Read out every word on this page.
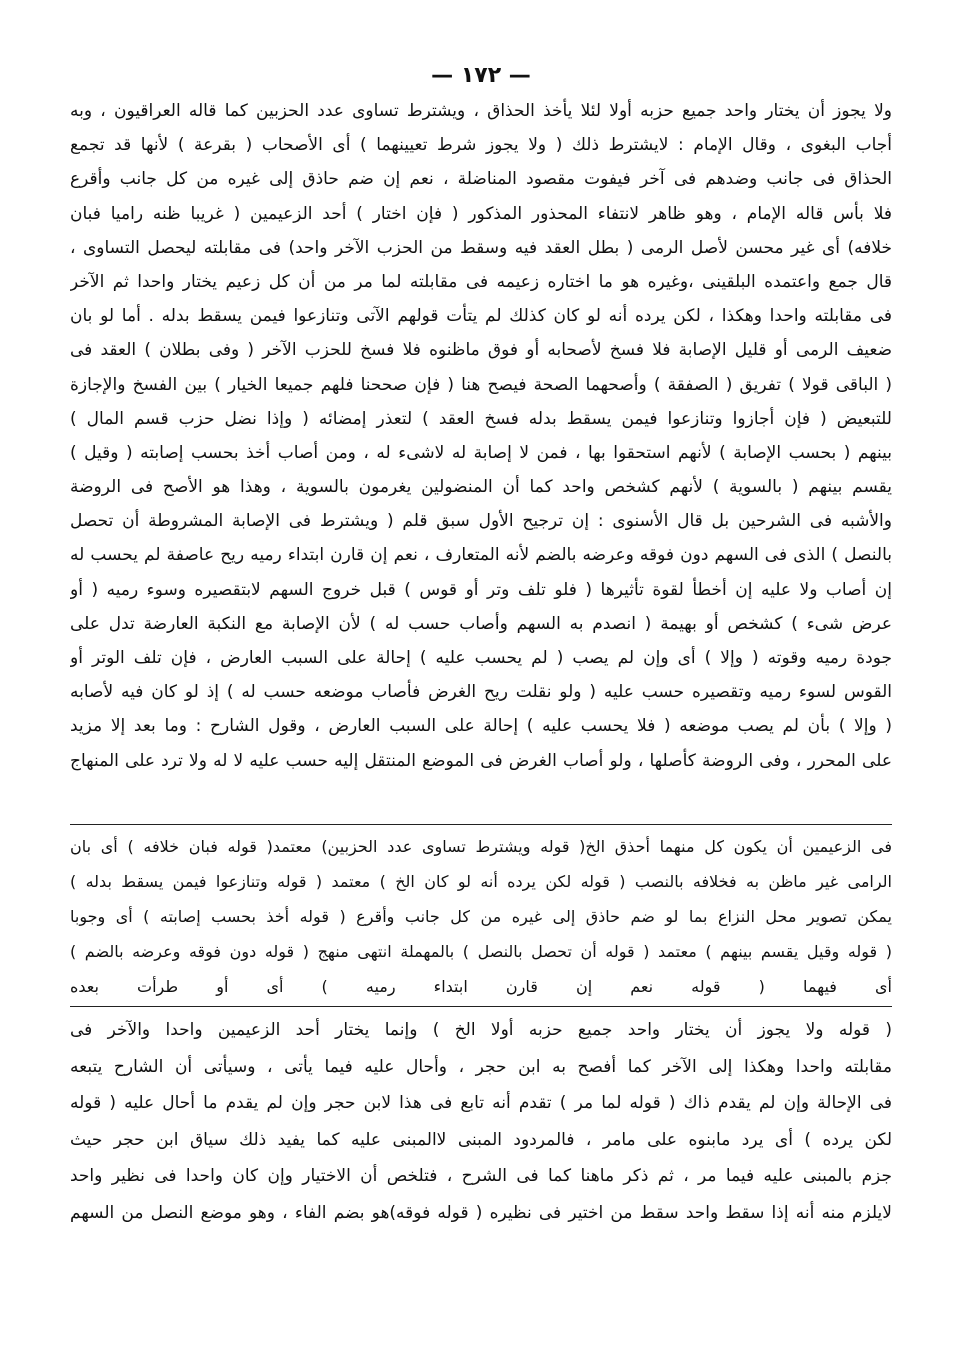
— ١٧٢ —

ولا يجوز أن يختار واحد جميع حزبه أولا لئلا يأخذ الحذاق ، ويشترط تساوى عدد الحزبين كما قاله العراقيون ، وبه

أجاب البغوى ، وقال الإمام : لايشترط ذلك ( ولا يجوز شرط تعيينهما ) أى الأصحاب ( بقرعة ) لأنها قد تجمع

الحذاق فى جانب وضدهم فى آخر فيفوت مقصود المناضلة ، نعم إن ضم حاذق إلى غيره من كل جانب وأقرع

فلا بأس قاله الإمام ، وهو ظاهر لانتفاء المحذور المذكور ( فإن اختار ) أحد الزعيمين ( غريبا ظنه راميا فبان

خلافه) أى غير محسن لأصل الرمى ( بطل العقد فيه وسقط من الحزب الآخر واحد) فى مقابلته ليحصل التساوى ،

قال جمع واعتمده البلقينى ،وغيره هو ما اختاره زعيمه فى مقابلته لما مر من أن كل زعيم يختار واحدا ثم الآخر

فى مقابلته واحدا وهكذا ، لكن يرده أنه لو كان كذلك لم يتأت قولهم الآتى وتنازعوا فيمن يسقط بدله . أما لو بان

ضعيف الرمى أو قليل الإصابة فلا فسخ لأصحابه أو فوق ماظنوه فلا فسخ للحزب الآخر ( وفى بطلان ) العقد فى

( الباقى قولا ) تفريق ( الصفقة ) وأصحهما الصحة فيصح هنا ( فإن صححنا فلهم جميعا الخيار ) بين الفسخ والإجازة

للتبعيض ( فإن أجازوا وتنازعوا فيمن يسقط بدله فسخ العقد ) لتعذر إمضائه ( وإذا نضل حزب قسم المال )

بينهم ( بحسب الإصابة ) لأنهم استحقوا بها ، فمن لا إصابة له لاشىء له ، ومن أصاب أخذ بحسب إصابته ( وقيل )

يقسم بينهم ( بالسوية ) لأنهم كشخص واحد كما أن المنضولين يغرمون بالسوية ، وهذا هو الأصح فى الروضة

والأشبه فى الشرحين بل قال الأسنوى : إن ترجيح الأول سبق قلم ( ويشترط فى الإصابة المشروطة أن تحصل

بالنصل ) الذى فى السهم دون فوقه وعرضه بالضم لأنه المتعارف ، نعم إن قارن ابتداء رميه ريح عاصفة لم يحسب له

إن أصاب ولا عليه إن أخطأ لقوة تأثيرها ( فلو تلف وتر أو قوس ) قبل خروج السهم لابتقصيره وسوء رميه ( أو

عرض شىء ) كشخص أو بهيمة ( انصدم به السهم وأصاب حسب له ) لأن الإصابة مع النكبة العارضة تدل على

جودة رميه وقوته ( وإلا ) أى وإن لم يصب ( لم يحسب عليه ) إحالة على السبب العارض ، فإن تلف الوتر أو

القوس لسوء رميه وتقصيره حسب عليه ( ولو نقلت ريح الغرض فأصاب موضعه حسب له ) إذ لو كان فيه لأصابه

( وإلا ) بأن لم يصب موضعه ( فلا يحسب عليه ) إحالة على السبب العارض ، وقول الشارح : وما بعد إلا مزيد

على المحرر ، وفى الروضة كأصلها ، ولو أصاب الغرض فى الموضع المنتقل إليه حسب عليه لا له ولا ترد على المنهاج

فى الزعيمين أن يكون كل منهما أحذق الخ( قوله ويشترط تساوى عدد الحزبين) معتمد( قوله فبان خلافه ) أى بان

الرامى غير ماظن به فخلافه بالنصب ( قوله لكن يرده أنه لو كان الخ ) معتمد ( قوله وتنازعوا فيمن يسقط بدله )

يمكن تصوير محل النزاع بما لو ضم حاذق إلى غيره من كل جانب وأقرع ( قوله أخذ بحسب إصابته ) أى وجوبا

( قوله وقيل يقسم بينهم ) معتمد ( قوله أن تحصل بالنصل ) بالمهملة انتهى منهج ( قوله دون فوقه وعرضه بالضم )

أى فيهما ( قوله نعم إن قارن ابتداء رميه ) أى أو طرأت بعده

( قوله ولا يجوز أن يختار واحد جميع حزبه أولا الخ ) وإنما يختار أحد الزعيمين واحدا والآخر فى

مقابلته واحدا وهكذا إلى الآخر كما أفصح به ابن حجر ، وأحال عليه فيما يأتى ، وسيأتى أن الشارح يتبعه

فى الإحالة وإن لم يقدم ذاك ( قوله لما مر ) تقدم أنه تابع فى هذا لابن حجر وإن لم يقدم ما أحال عليه ( قوله

لكن يرده ) أى يرد مابنوه على مامر ، فالمردود المبنى لاالمبنى عليه كما يفيد ذلك سياق ابن حجر حيث

جزم بالمبنى عليه فيما مر ، ثم ذكر ماهنا كما فى الشرح ، فتلخص أن الاختيار وإن كان واحدا فى نظير واحد

لايلزم منه أنه إذا سقط واحد سقط من اختير فى نظيره ( قوله فوقه)هو بضم الفاء ، وهو موضع النصل من السهم
